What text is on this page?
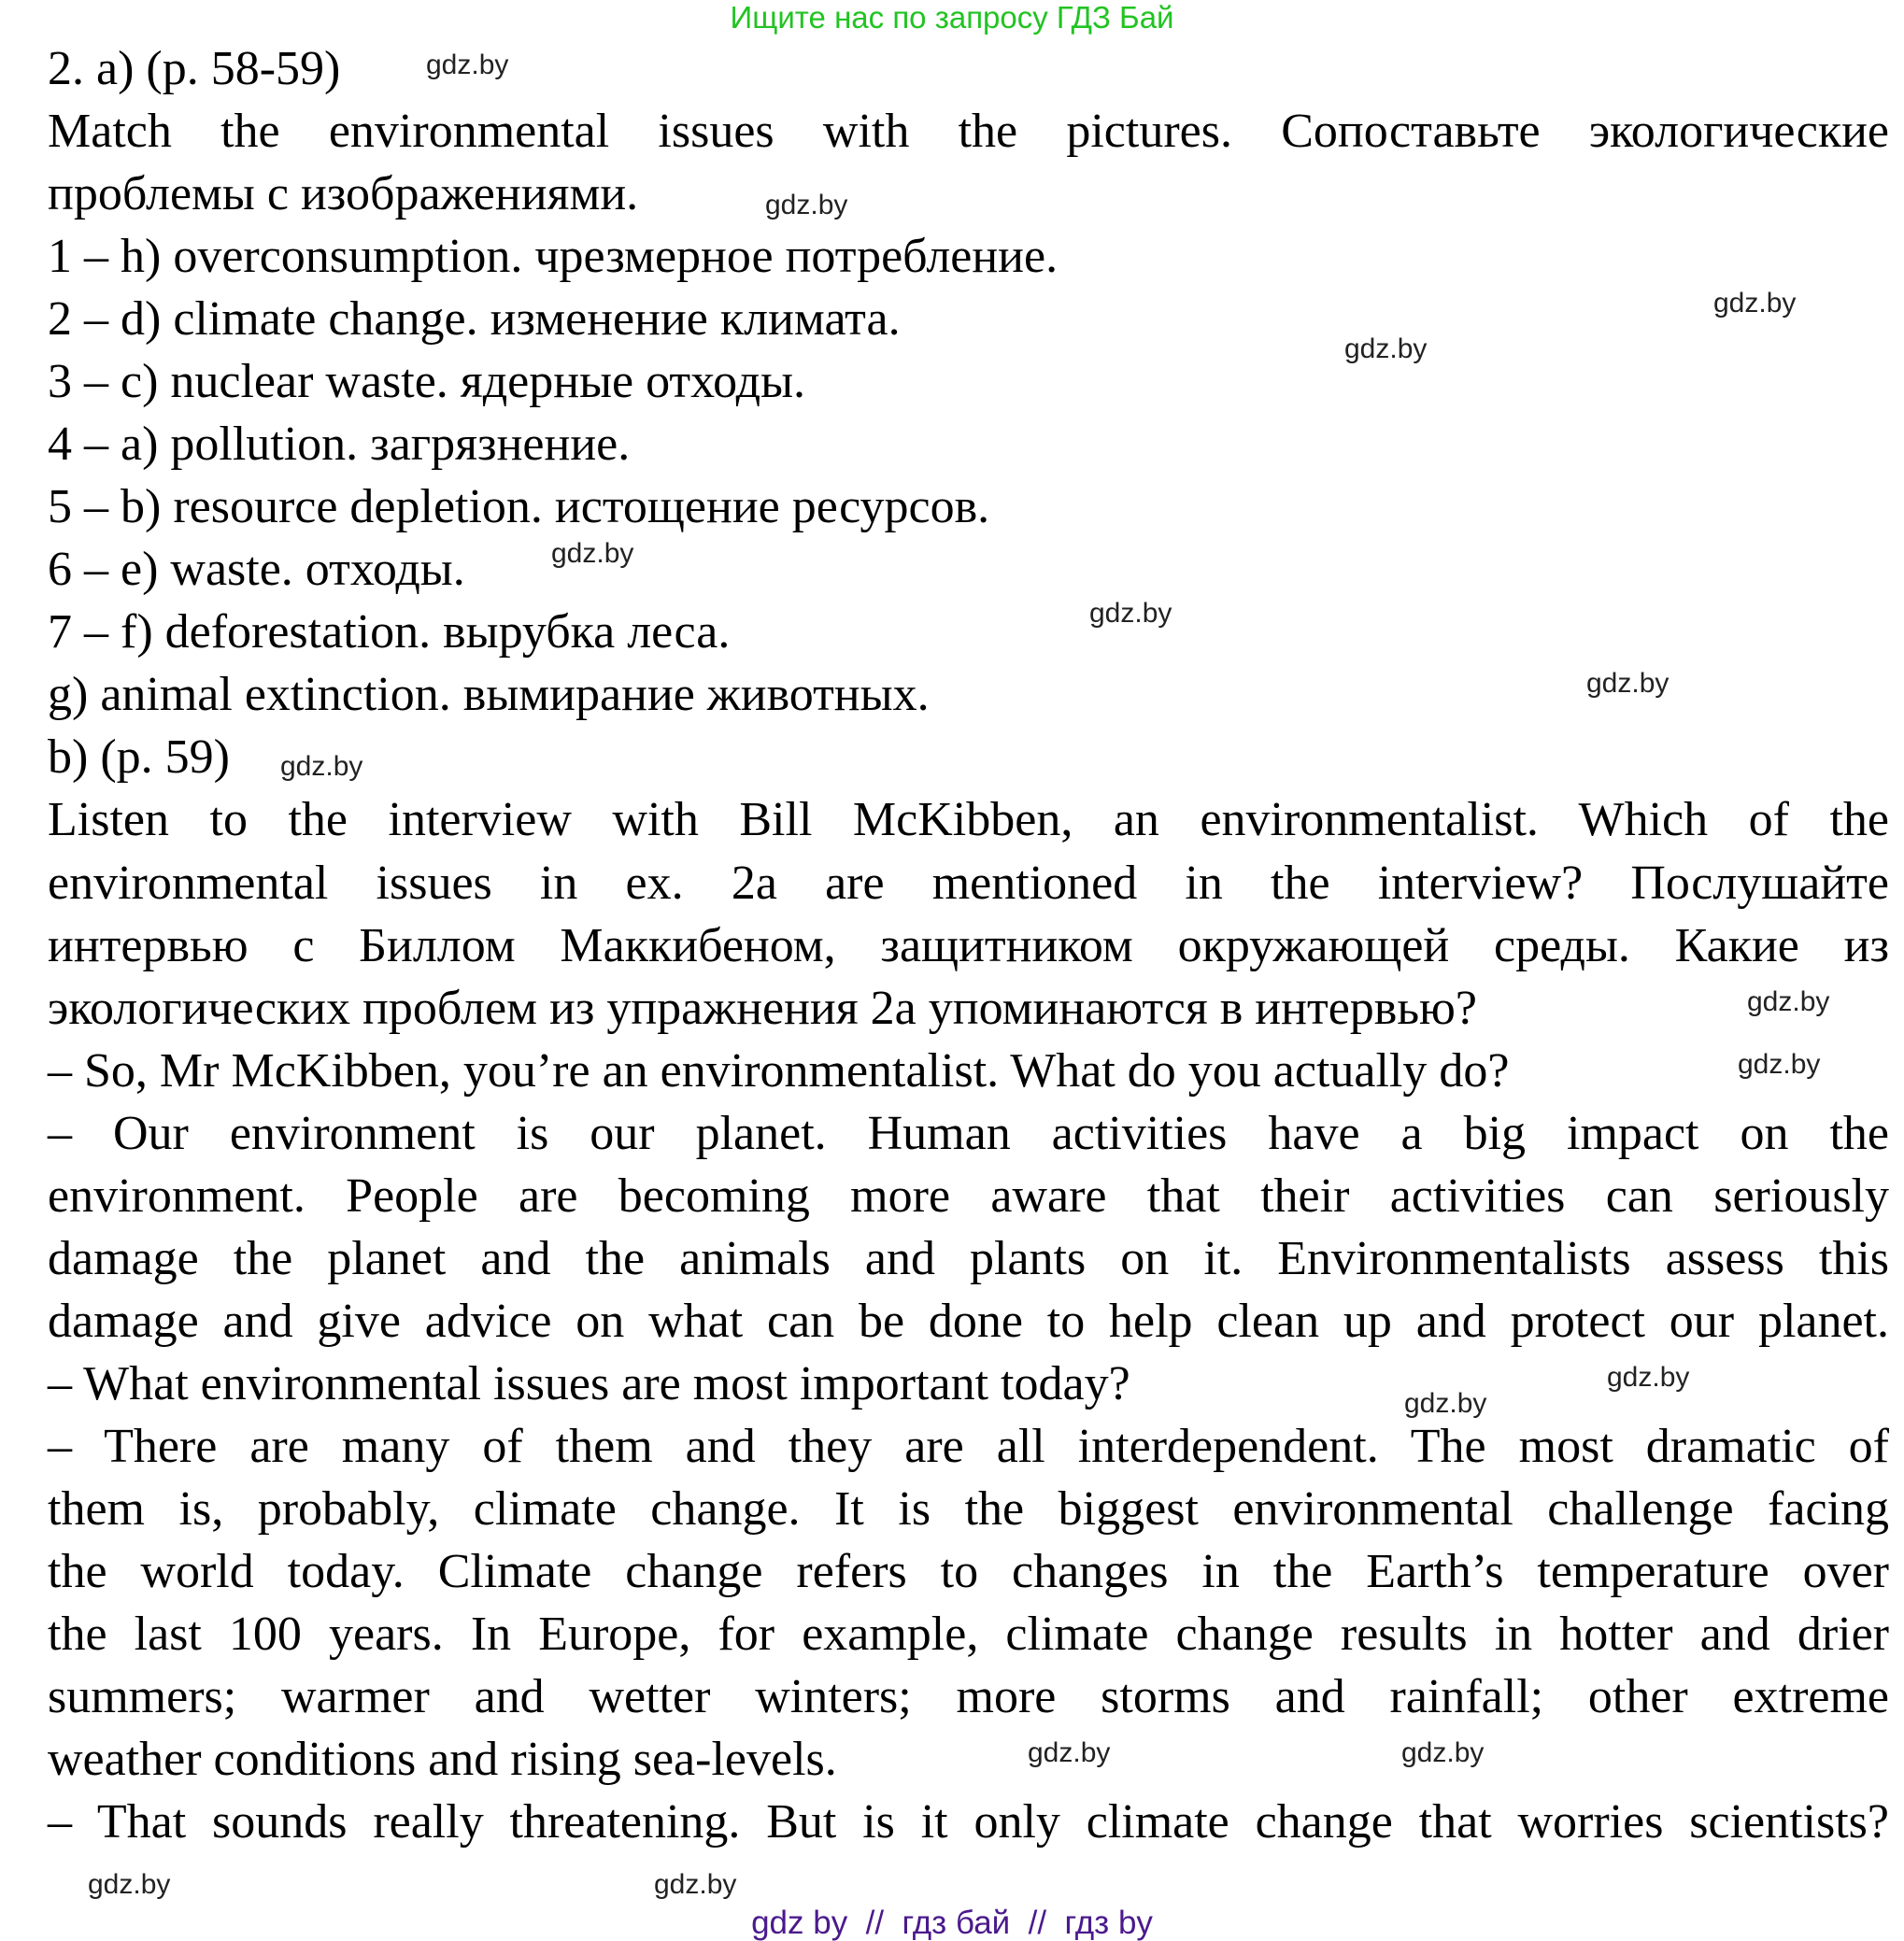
Ищите нас по запросу ГДЗ Бай
2. a) (p. 58-59)
Match the environmental issues with the pictures. Сопоставьте экологические
проблемы с изображениями.
1 – h) overconsumption. чрезмерное потребление.
2 – d) climate change. изменение климата.
3 – c) nuclear waste. ядерные отходы.
4 – a) pollution. загрязнение.
5 – b) resource depletion. истощение ресурсов.
6 – e) waste. отходы.
7 – f) deforestation. вырубка леса.
g) animal extinction. вымирание животных.
b) (p. 59)
Listen to the interview with Bill McKibben, an environmentalist. Which of the
environmental issues in ex. 2a are mentioned in the interview? Послушайте
интервью с Биллом Маккибеном, защитником окружающей среды. Какие из
экологических проблем из упражнения 2a упоминаются в интервью?
– So, Mr McKibben, you’re an environmentalist. What do you actually do?
– Our environment is our planet. Human activities have a big impact on the
environment. People are becoming more aware that their activities can seriously
damage the planet and the animals and plants on it. Environmentalists assess this
damage and give advice on what can be done to help clean up and protect our planet.
– What environmental issues are most important today?
– There are many of them and they are all interdependent. The most dramatic of
them is, probably, climate change. It is the biggest environmental challenge facing
the world today. Climate change refers to changes in the Earth’s temperature over
the last 100 years. In Europe, for example, climate change results in hotter and drier
summers; warmer and wetter winters; more storms and rainfall; other extreme
weather conditions and rising sea-levels.
– That sounds really threatening. But is it only climate change that worries scientists?
gdz.by
gdz.by
gdz.by
gdz.by
gdz.by
gdz.by
gdz.by
gdz.by
gdz.by
gdz.by
gdz.by
gdz.by
gdz.by
gdz.by
gdz.by
gdz.by
gdz by  //  гдз бай  //  гдз by
